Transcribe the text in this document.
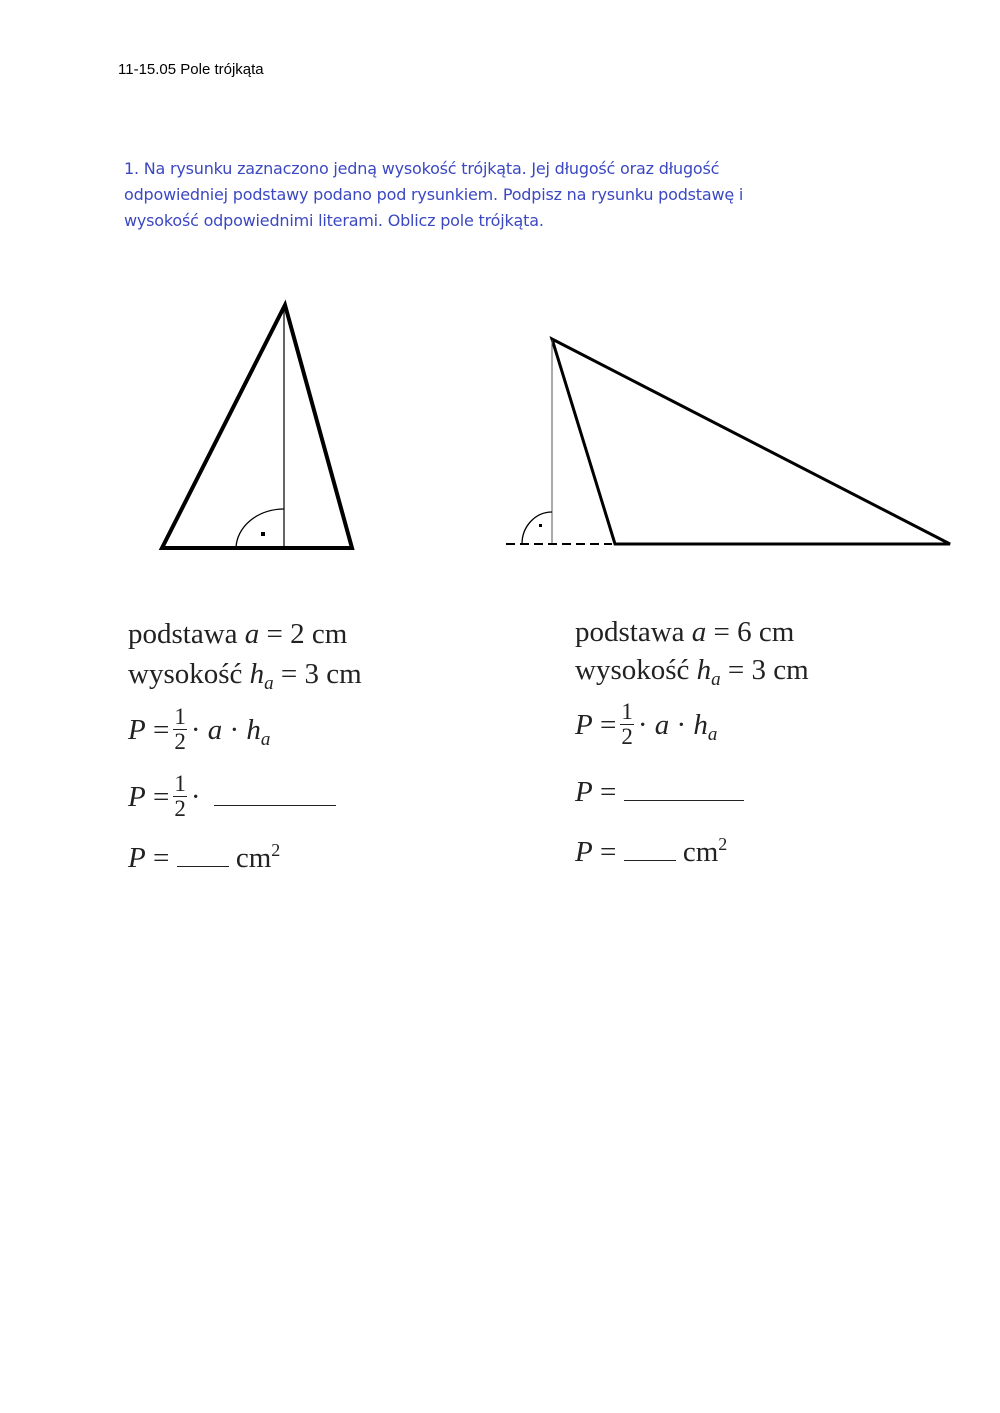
11-15.05 Pole trójkąta
1. Na rysunku zaznaczono jedną wysokość trójkąta. Jej długość oraz długość
odpowiedniej podstawy podano pod rysunkiem. Podpisz na rysunku podstawę i
wysokość odpowiednimi literami. Oblicz pole trójkąta.
podstawa a = 2 cm
wysokość $h_a = 3$ cm
$P = \frac{1}{2} \cdot a \cdot h_a$
$P = \frac{1}{2}$ ·
$P = cm^2$
podstawa a = 6 cm
wysokość $h_a = 3$ cm
$P = \frac{1}{2} \cdot a \cdot h_a$
P =
$P = cm^2$
